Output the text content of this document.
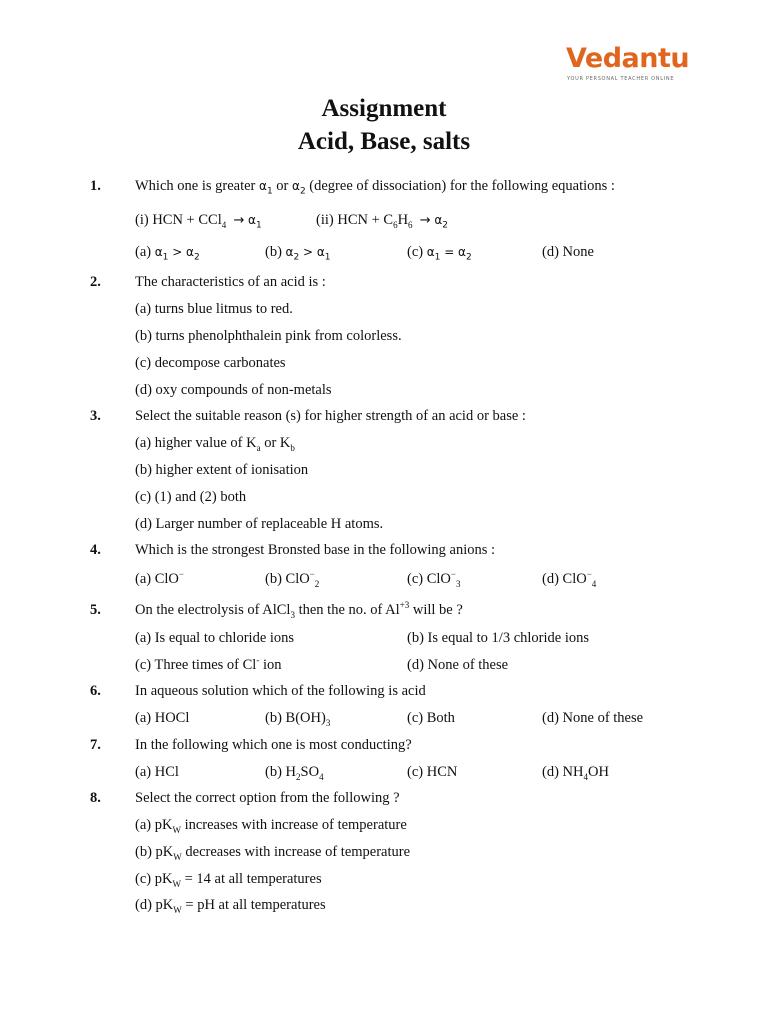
Vedantu
YOUR PERSONAL TEACHER ONLINE
Assignment
Acid, Base, salts
1. Which one is greater $\alpha_1$ or $\alpha_2$ (degree of dissociation) for the following equations :
(i) HCN + $CCl_4 \to \alpha_1$	(ii) HCN + $C_6H_6 \to \alpha_2$
(a) $\alpha_1 > \alpha_2$	(b) $\alpha_2 > \alpha_1$	(c) $\alpha_1 = \alpha_2$	(d) None
2. The characteristics of an acid is :
(a) turns blue litmus to red.
(b) turns phenolphthalein pink from colorless.
(c) decompose carbonates
(d) oxy compounds of non-metals
3. Select the suitable reason (s) for higher strength of an acid or base :
(a) higher value of $K_a$ or $K_b$
(b) higher extent of ionisation
(c) (1) and (2) both
(d) Larger number of replaceable H atoms.
4. Which is the strongest Bronsted base in the following anions :
(a) ClO−	(b) ClO−$_2$	(c) ClO−$_3$	(d) ClO−$_4$
5. On the electrolysis of AlCl$_3$ then the no. of $Al^{+3}$ will be ?
(a) Is equal to chloride ions	(b) Is equal to 1/3 chloride ions
(c) Three times of Cl- ion	(d) None of these
6. In aqueous solution which of the following is acid
(a) HOCl	(b) $B(OH)_3$	(c) Both	(d) None of these
7. In the following which one is most conducting?
(a) HCl	(b) $H_2SO_4$	(c) HCN	(d) $NH_4OH$
8. Select the correct option from the following ?
(a) $pK_W$ increases with increase of temperature
(b) $pK_W$ decreases with increase of temperature
(c) $pK_W = 14$ at all temperatures
(d) $pK_W$ = pH at all temperatures
